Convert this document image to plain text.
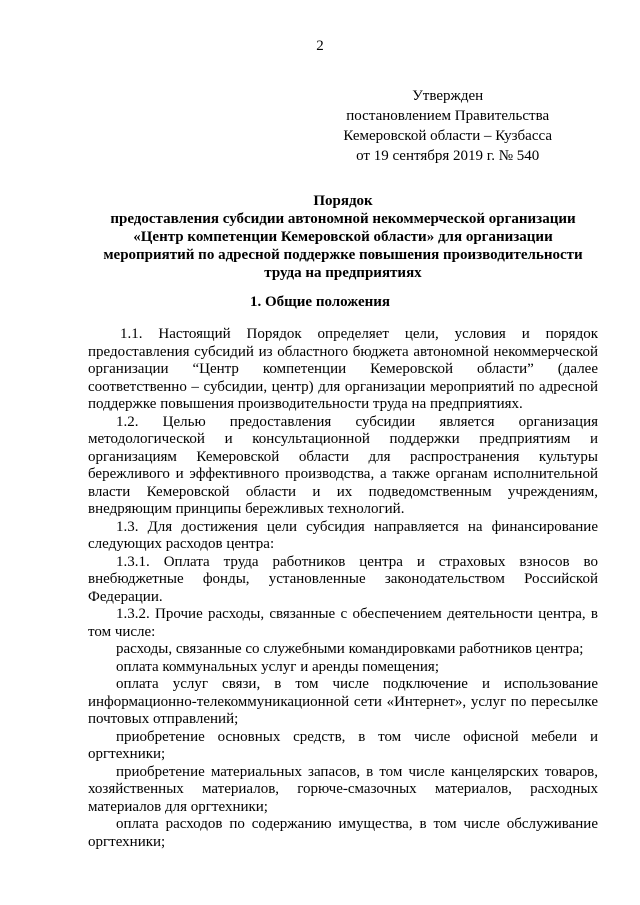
2
Утвержден
постановлением Правительства
Кемеровской области – Кузбасса
от 19 сентября 2019 г. № 540
Порядок
предоставления субсидии автономной некоммерческой организации
«Центр компетенции Кемеровской области» для организации
мероприятий по адресной поддержке повышения производительности
труда на предприятиях
1. Общие положения

1.1. Настоящий Порядок определяет цели, условия и порядок предоставления субсидий из областного бюджета автономной некоммерческой организации “Центр компетенции Кемеровской области” (далее соответственно – субсидии, центр) для организации мероприятий по адресной поддержке повышения производительности труда на предприятиях.

1.2. Целью предоставления субсидии является организация методологической и консультационной поддержки предприятиям и организациям Кемеровской области для распространения культуры бережливого и эффективного производства, а также органам исполнительной власти Кемеровской области и их подведомственным учреждениям, внедряющим принципы бережливых технологий.

1.3. Для достижения цели субсидия направляется на финансирование следующих расходов центра:

1.3.1. Оплата труда работников центра и страховых взносов во внебюджетные фонды, установленные законодательством Российской Федерации.

1.3.2. Прочие расходы, связанные с обеспечением деятельности центра, в том числе:

расходы, связанные со служебными командировками работников центра;

оплата коммунальных услуг и аренды помещения;

оплата услуг связи, в том числе подключение и использование информационно-телекоммуникационной сети «Интернет», услуг по пересылке почтовых отправлений;

приобретение основных средств, в том числе офисной мебели и оргтехники;

приобретение материальных запасов, в том числе канцелярских товаров, хозяйственных материалов, горюче-смазочных материалов, расходных материалов для оргтехники;

оплата расходов по содержанию имущества, в том числе обслуживание оргтехники;
